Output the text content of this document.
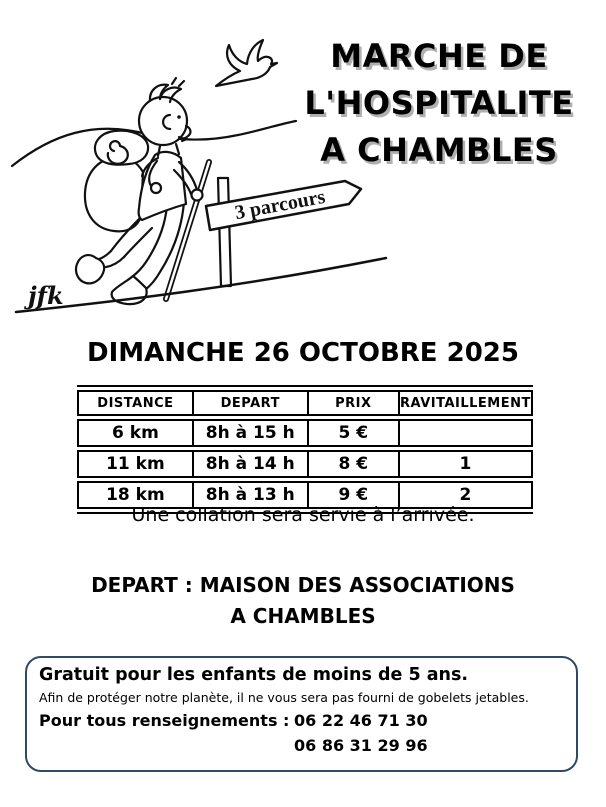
3 parcours
jfk
MARCHE DE
L'HOSPITALITE
A CHAMBLES
DIMANCHE 26 OCTOBRE 2025
DISTANCE	DEPART	PRIX	RAVITAILLEMENT
6 km	8h à 15 h	5 €	
11 km	8h à 14 h	8 €	1
18 km	8h à 13 h	9 €	2
Une collation sera servie à l’arrivée.
DEPART : MAISON DES ASSOCIATIONS
A CHAMBLES
Gratuit pour les enfants de moins de 5 ans.
Afin de protéger notre planète, il ne vous sera pas fourni de gobelets jetables.
Pour tous renseignements : 06 22 46 71 30
06 86 31 29 96
